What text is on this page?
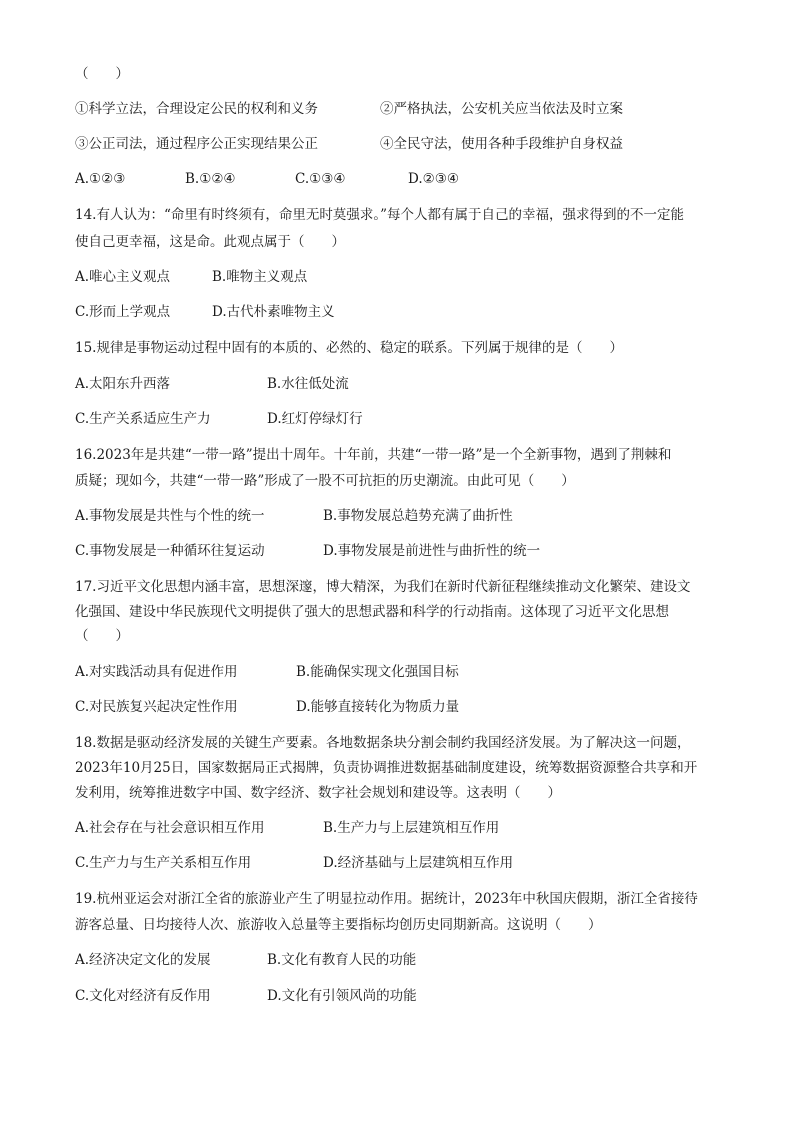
（　　）
①科学立法，合理设定公民的权利和义务	②严格执法，公安机关应当依法及时立案
③公正司法，通过程序公正实现结果公正	④全民守法，使用各种手段维护自身权益
A.①②③	B.①②④	C.①③④	D.②③④
14.有人认为：“命里有时终须有，命里无时莫强求。”每个人都有属于自己的幸福，强求得到的不一定能
使自己更幸福，这是命。此观点属于（　　）
A.唯心主义观点	B.唯物主义观点
C.形而上学观点	D.古代朴素唯物主义
15.规律是事物运动过程中固有的本质的、必然的、稳定的联系。下列属于规律的是（　　）
A.太阳东升西落	B.水往低处流
C.生产关系适应生产力	D.红灯停绿灯行
16.2023年是共建“一带一路”提出十周年。十年前，共建“一带一路”是一个全新事物，遇到了荆棘和
质疑；现如今，共建“一带一路”形成了一股不可抗拒的历史潮流。由此可见（　　）
A.事物发展是共性与个性的统一	B.事物发展总趋势充满了曲折性
C.事物发展是一种循环往复运动	D.事物发展是前进性与曲折性的统一
17.习近平文化思想内涵丰富，思想深邃，博大精深，为我们在新时代新征程继续推动文化繁荣、建设文
化强国、建设中华民族现代文明提供了强大的思想武器和科学的行动指南。这体现了习近平文化思想
（　　）
A.对实践活动具有促进作用	B.能确保实现文化强国目标
C.对民族复兴起决定性作用	D.能够直接转化为物质力量
18.数据是驱动经济发展的关键生产要素。各地数据条块分割会制约我国经济发展。为了解决这一问题，
2023年10月25日，国家数据局正式揭牌，负责协调推进数据基础制度建设，统筹数据资源整合共享和开
发利用，统筹推进数字中国、数字经济、数字社会规划和建设等。这表明（　　）
A.社会存在与社会意识相互作用	B.生产力与上层建筑相互作用
C.生产力与生产关系相互作用	D.经济基础与上层建筑相互作用
19.杭州亚运会对浙江全省的旅游业产生了明显拉动作用。据统计，2023年中秋国庆假期，浙江全省接待
游客总量、日均接待人次、旅游收入总量等主要指标均创历史同期新高。这说明（　　）
A.经济决定文化的发展	B.文化有教育人民的功能
C.文化对经济有反作用	D.文化有引领风尚的功能
